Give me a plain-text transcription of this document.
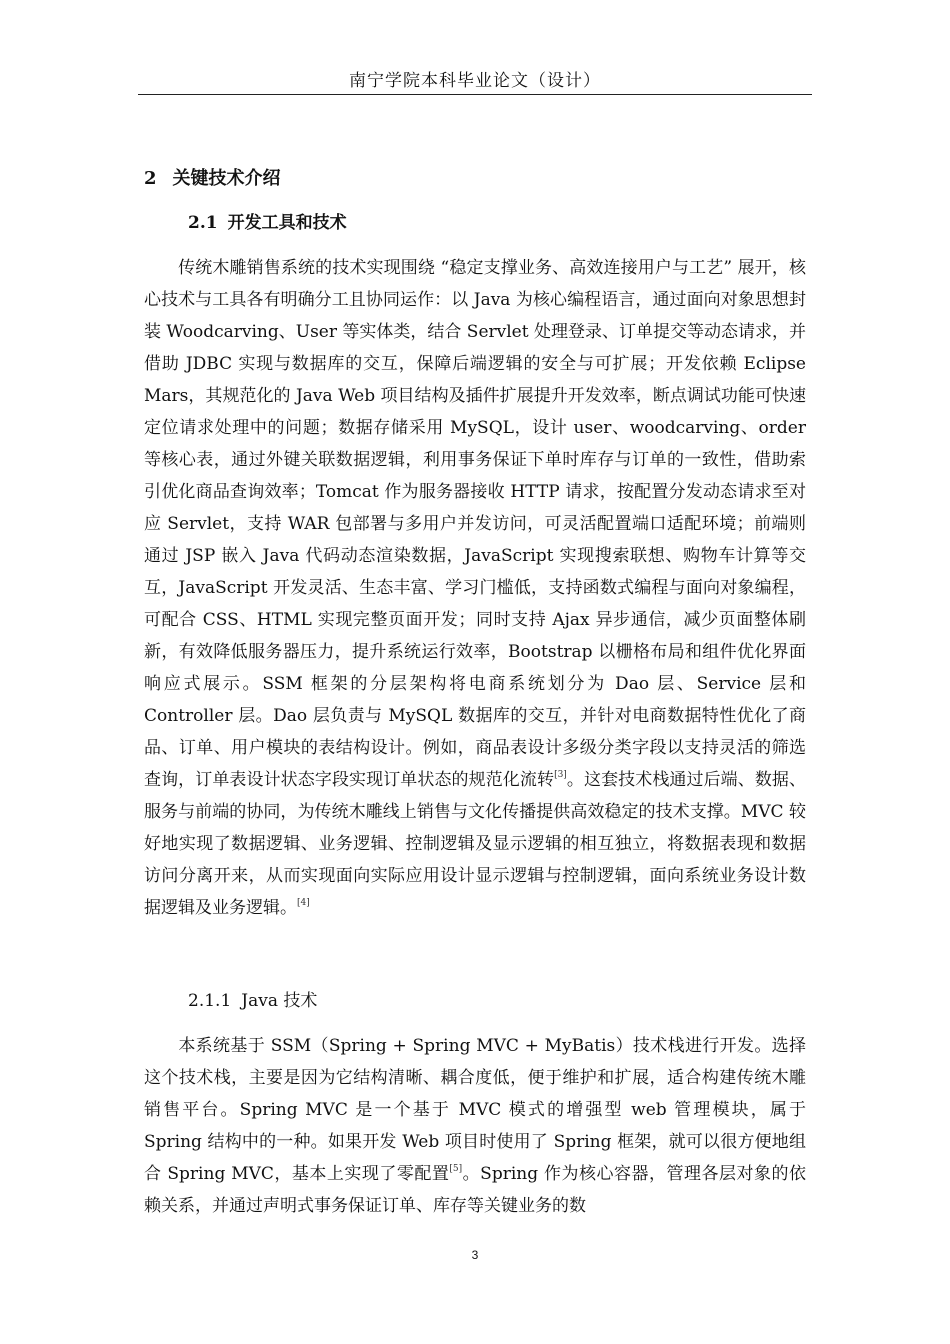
南宁学院本科毕业论文（设计）
2 关键技术介绍
2.1 开发工具和技术
传统木雕销售系统的技术实现围绕 “稳定支撑业务、高效连接用户与工艺” 展开，核心技术与工具各有明确分工且协同运作：以 Java 为核心编程语言，通过面向对象思想封装 Woodcarving、User 等实体类，结合 Servlet 处理登录、订单提交等动态请求，并借助 JDBC 实现与数据库的交互，保障后端逻辑的安全与可扩展；开发依赖 Eclipse Mars，其规范化的 Java Web 项目结构及插件扩展提升开发效率，断点调试功能可快速定位请求处理中的问题；数据存储采用 MySQL，设计 user、woodcarving、order 等核心表，通过外键关联数据逻辑，利用事务保证下单时库存与订单的一致性，借助索引优化商品查询效率；Tomcat 作为服务器接收 HTTP 请求，按配置分发动态请求至对应 Servlet，支持 WAR 包部署与多用户并发访问，可灵活配置端口适配环境；前端则通过 JSP 嵌入 Java 代码动态渲染数据，JavaScript 实现搜索联想、购物车计算等交互，JavaScript 开发灵活、生态丰富、学习门槛低，支持函数式编程与面向对象编程，可配合 CSS、HTML 实现完整页面开发；同时支持 Ajax 异步通信，减少页面整体刷新，有效降低服务器压力，提升系统运行效率，Bootstrap 以栅格布局和组件优化界面响应式展示。SSM 框架的分层架构将电商系统划分为 Dao 层、Service 层和 Controller 层。Dao 层负责与 MySQL 数据库的交互，并针对电商数据特性优化了商品、订单、用户模块的表结构设计。例如，商品表设计多级分类字段以支持灵活的筛选查询，订单表设计状态字段实现订单状态的规范化流转[3]。这套技术栈通过后端、数据、服务与前端的协同，为传统木雕线上销售与文化传播提供高效稳定的技术支撑。MVC 较好地实现了数据逻辑、业务逻辑、控制逻辑及显示逻辑的相互独立，将数据表现和数据访问分离开来，从而实现面向实际应用设计显示逻辑与控制逻辑，面向系统业务设计数据逻辑及业务逻辑。[4]
2.1.1 Java 技术
本系统基于 SSM（Spring + Spring MVC + MyBatis）技术栈进行开发。选择这个技术栈，主要是因为它结构清晰、耦合度低，便于维护和扩展，适合构建传统木雕销售平台。Spring MVC 是一个基于 MVC 模式的增强型 web 管理模块，属于 Spring 结构中的一种。如果开发 Web 项目时使用了 Spring 框架，就可以很方便地组合 Spring MVC，基本上实现了零配置[5]。Spring 作为核心容器，管理各层对象的依赖关系，并通过声明式事务保证订单、库存等关键业务的数
3
